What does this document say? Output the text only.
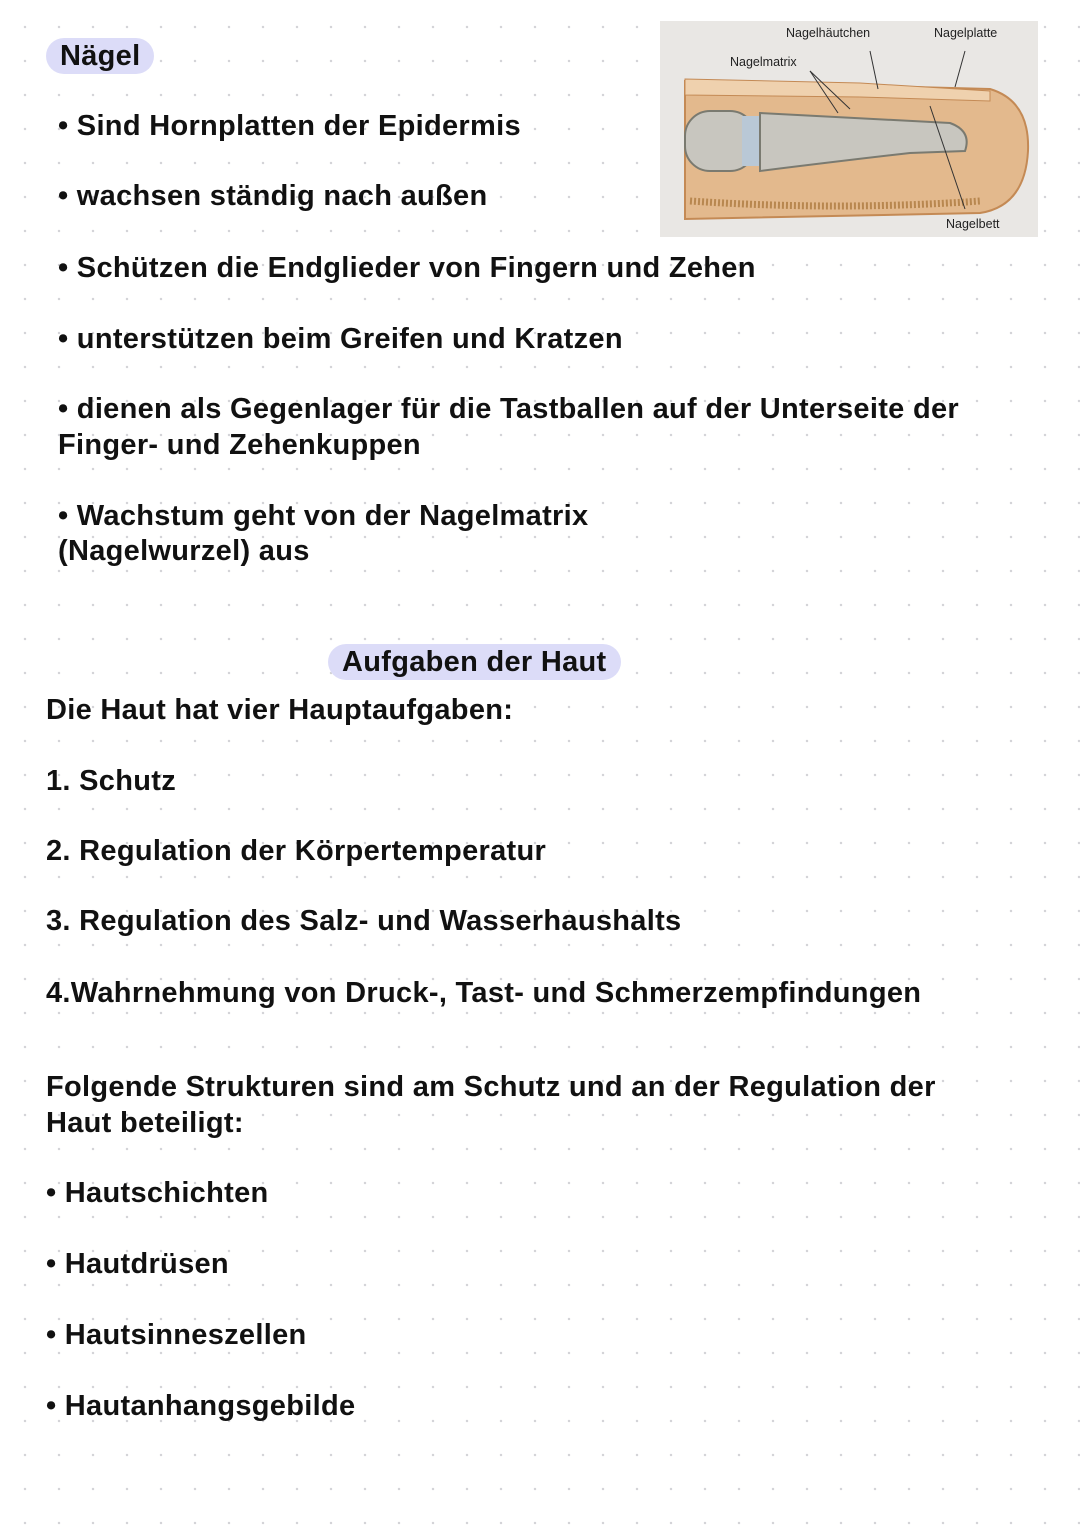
Nägel
• Sind Hornplatten der Epidermis
• wachsen ständig nach außen
• Schützen die Endglieder von Fingern und Zehen
• unterstützen beim Greifen und Kratzen
• dienen als Gegenlager für die Tastballen auf der Unterseite der
Finger- und Zehenkuppen
• Wachstum geht von der Nagelmatrix
(Nagelwurzel) aus
Nagelhäutchen	Nagelplatte
Nagelmatrix
Nagelbett
Aufgaben der Haut
Die Haut hat vier Hauptaufgaben:
1. Schutz
2. Regulation der Körpertemperatur
3. Regulation des Salz- und Wasserhaushalts
4.Wahrnehmung von Druck-, Tast- und Schmerzempfindungen
Folgende Strukturen sind am Schutz und an der Regulation der
Haut beteiligt:
• Hautschichten
• Hautdrüsen
• Hautsinneszellen
• Hautanhangsgebilde
